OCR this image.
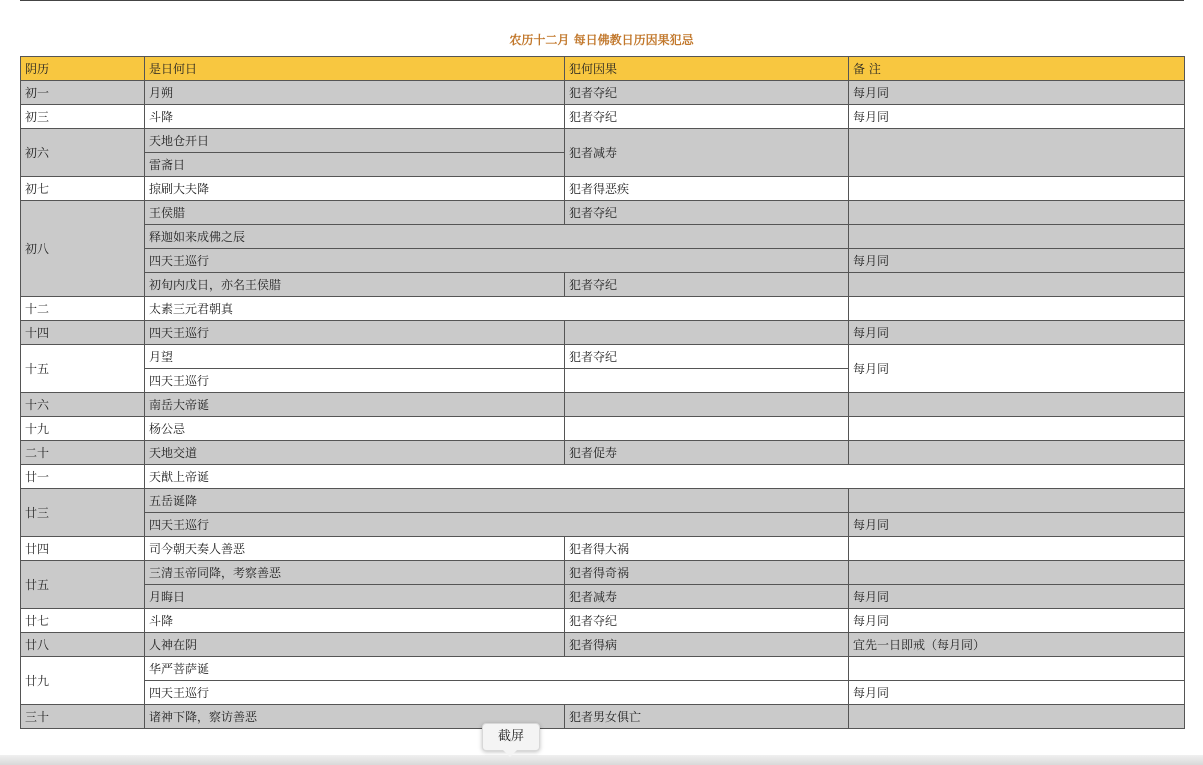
农历十二月 每日佛教日历因果犯忌
阴历	是日何日	犯何因果	备 注
初一	月朔	犯者夺纪	每月同
初三	斗降	犯者夺纪	每月同
初六	天地仓开日	犯者减寿	
	雷斋日		
初七	掠刷大夫降	犯者得恶疾	
初八	王侯腊	犯者夺纪	
	释迦如来成佛之辰		
	四天王巡行		每月同
	初旬内戊日，亦名王侯腊	犯者夺纪	
十二	太素三元君朝真		
十四	四天王巡行		每月同
十五	月望	犯者夺纪	每月同
	四天王巡行		
十六	南岳大帝诞		
十九	杨公忌		
二十	天地交道	犯者促寿	
廿一	天猷上帝诞		
廿三	五岳诞降		
	四天王巡行		每月同
廿四	司今朝天奏人善恶	犯者得大祸	
廿五	三清玉帝同降，考察善恶	犯者得奇祸	
	月晦日	犯者减寿	每月同
廿七	斗降	犯者夺纪	每月同
廿八	人神在阴	犯者得病	宜先一日即戒（每月同）
廿九	华严菩萨诞		
	四天王巡行		每月同
三十	诸神下降，察访善恶	犯者男女俱亡	
截屏
